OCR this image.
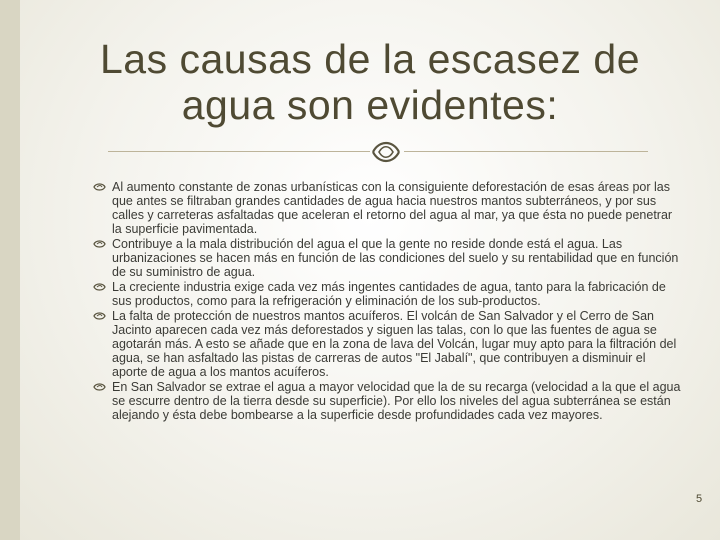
Las causas de la escasez de agua son evidentes:
Al aumento constante de zonas urbanísticas con la consiguiente deforestación de esas áreas por las que antes se filtraban grandes cantidades de agua hacia nuestros mantos subterráneos, y por sus calles y carreteras asfaltadas que aceleran el retorno del agua al mar, ya que ésta no puede penetrar la superficie pavimentada.
Contribuye a la mala distribución del agua el que la gente no reside donde está el agua. Las urbanizaciones se hacen más en función de las condiciones del suelo y su rentabilidad que en función de su suministro de agua.
La creciente industria exige cada vez más ingentes cantidades de agua, tanto para la fabricación de sus productos, como para la refrigeración y eliminación de los sub-productos.
La falta de protección de nuestros mantos acuíferos. El volcán de San Salvador y el Cerro de San Jacinto aparecen cada vez más deforestados y siguen las talas, con lo que las fuentes de agua se agotarán más. A esto se añade que en la zona de lava del Volcán, lugar muy apto para la filtración del agua, se han asfaltado las pistas de carreras de autos "El Jabalí", que contribuyen a disminuir el aporte de agua a los mantos acuíferos.
En San Salvador se extrae el agua a mayor velocidad que la de su recarga (velocidad a la que el agua se escurre dentro de la tierra desde su superficie). Por ello los niveles del agua subterránea se están alejando y ésta debe bombearse a la superficie desde profundidades cada vez mayores.
5
